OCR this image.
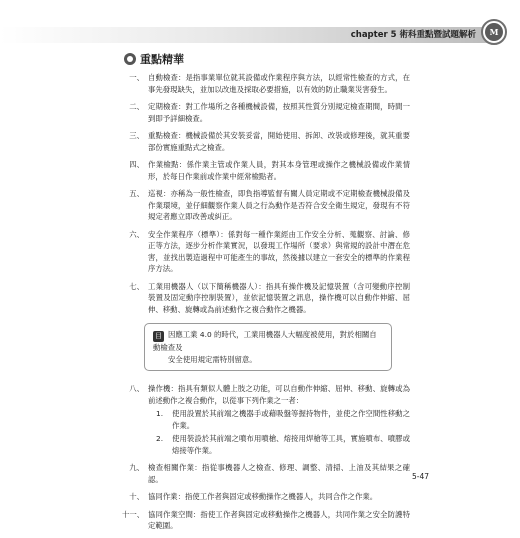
chapter 5 術科重點暨試題解析	M
重點精華
一、 自動檢查：是指事業單位就其設備或作業程序與方法，以經常性檢查的方式，在事先發現缺失，並加以改進及採取必要措施，以有效的防止職業災害發生。
二、 定期檢查：對工作場所之各種機械設備，按照其性質分別規定檢查期間，時間一到即予詳細檢查。
三、 重點檢查：機械設備於其安裝妥當，開始使用、拆卸、改裝或修理後，就其重要部份實施重點式之檢查。
四、 作業檢點：係作業主管或作業人員，對其本身管理或操作之機械設備或作業情形，於每日作業前或作業中經常檢點者。
五、 巡視：亦稱為一般性檢查，即負指導監督有關人員定期或不定期檢查機械設備及作業環境，並仔細觀察作業人員之行為動作是否符合安全衛生規定，發現有不符規定者應立即改善或糾正。
六、 安全作業程序（標準）：係對每一種作業經由工作安全分析、蒐觀察、討論、修正等方法，逐步分析作業實況，以發現工作場所（要求）與常規的設計中潛在危害，並找出製造過程中可能產生的事故，然後據以建立一套安全的標準的作業程序方法。
七、 工業用機器人（以下簡稱機器人）：指具有操作機及記憶裝置（含可變動序控制裝置及固定動序控制裝置），並依記憶裝置之訊息，操作機可以自動作伸縮、屈伸、移動、旋轉或為前述動作之複合動作之機器。
目 因應工業 4.0 的時代，工業用機器人大幅度被使用，對於相關自動檢查及
安全使用規定需特別留意。
八、 操作機：指具有類似人體上肢之功能，可以自動作伸縮、屈伸、移動、旋轉或為前述動作之複合動作，以從事下列作業之一者：
1. 使用設置於其前端之機器手或藉吸盤等握持物件，並使之作空間性移動之作業。
2. 使用裝設於其前端之噴布用噴槍、熔接用焊槍等工具，實施噴布、噴膠或熔接等作業。
九、 檢查相關作業：指從事機器人之檢查、修理、調整、清掃、上油及其結果之確認。
十、 協同作業：指使工作者與固定或移動操作之機器人，共同合作之作業。
十一、 協同作業空間：指使工作者與固定或移動操作之機器人，共同作業之安全防護特定範圍。
5-47
